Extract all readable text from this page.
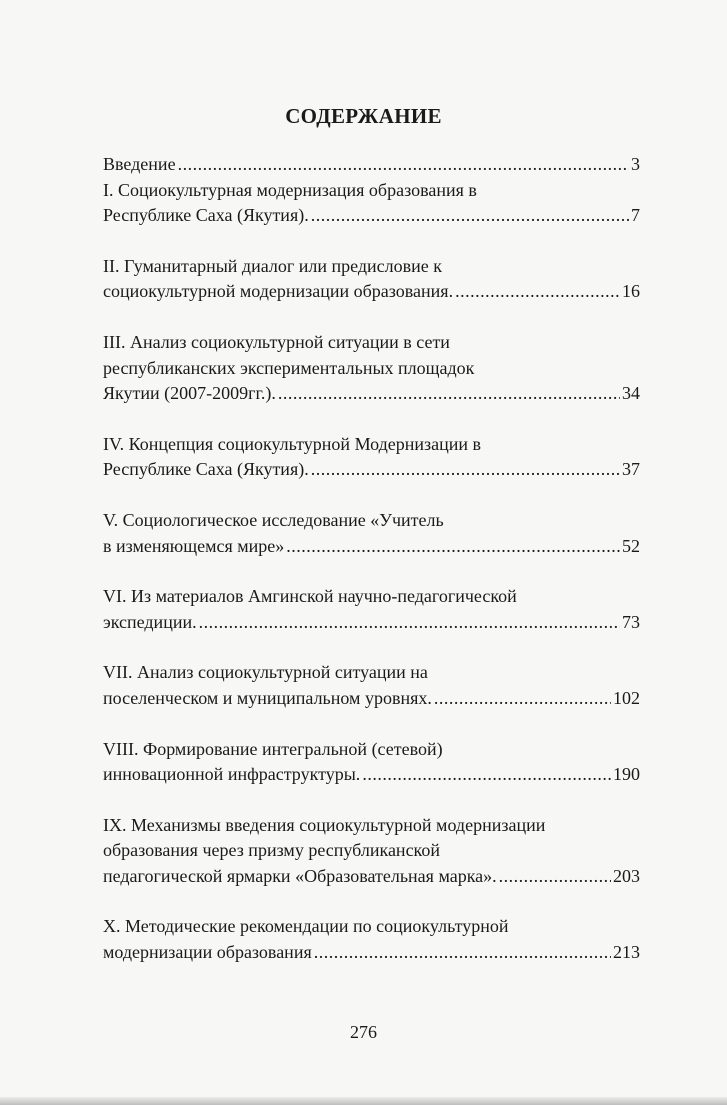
СОДЕРЖАНИЕ
Введение .....	3
I. Социокультурная модернизация образования в
Республике Саха (Якутия). .....	7
II. Гуманитарный диалог или предисловие к
социокультурной модернизации образования. .....	16
III. Анализ социокультурной ситуации в сети
республиканских экспериментальных площадок
Якутии (2007-2009гг.). .....	34
IV. Концепция социокультурной Модернизации в
Республике Саха (Якутия). .....	37
V. Социологическое исследование «Учитель
в изменяющемся мире» .....	52
VI. Из материалов Амгинской научно-педагогической
экспедиции. .....	73
VII. Анализ социокультурной ситуации на
поселенческом и муниципальном уровнях. .....	102
VIII. Формирование интегральной (сетевой)
инновационной инфраструктуры. .....	190
IX. Механизмы введения социокультурной модернизации
образования через призму республиканской
педагогической ярмарки «Образовательная марка». .....	203
X. Методические рекомендации по социокультурной
модернизации образования .....	213
276
